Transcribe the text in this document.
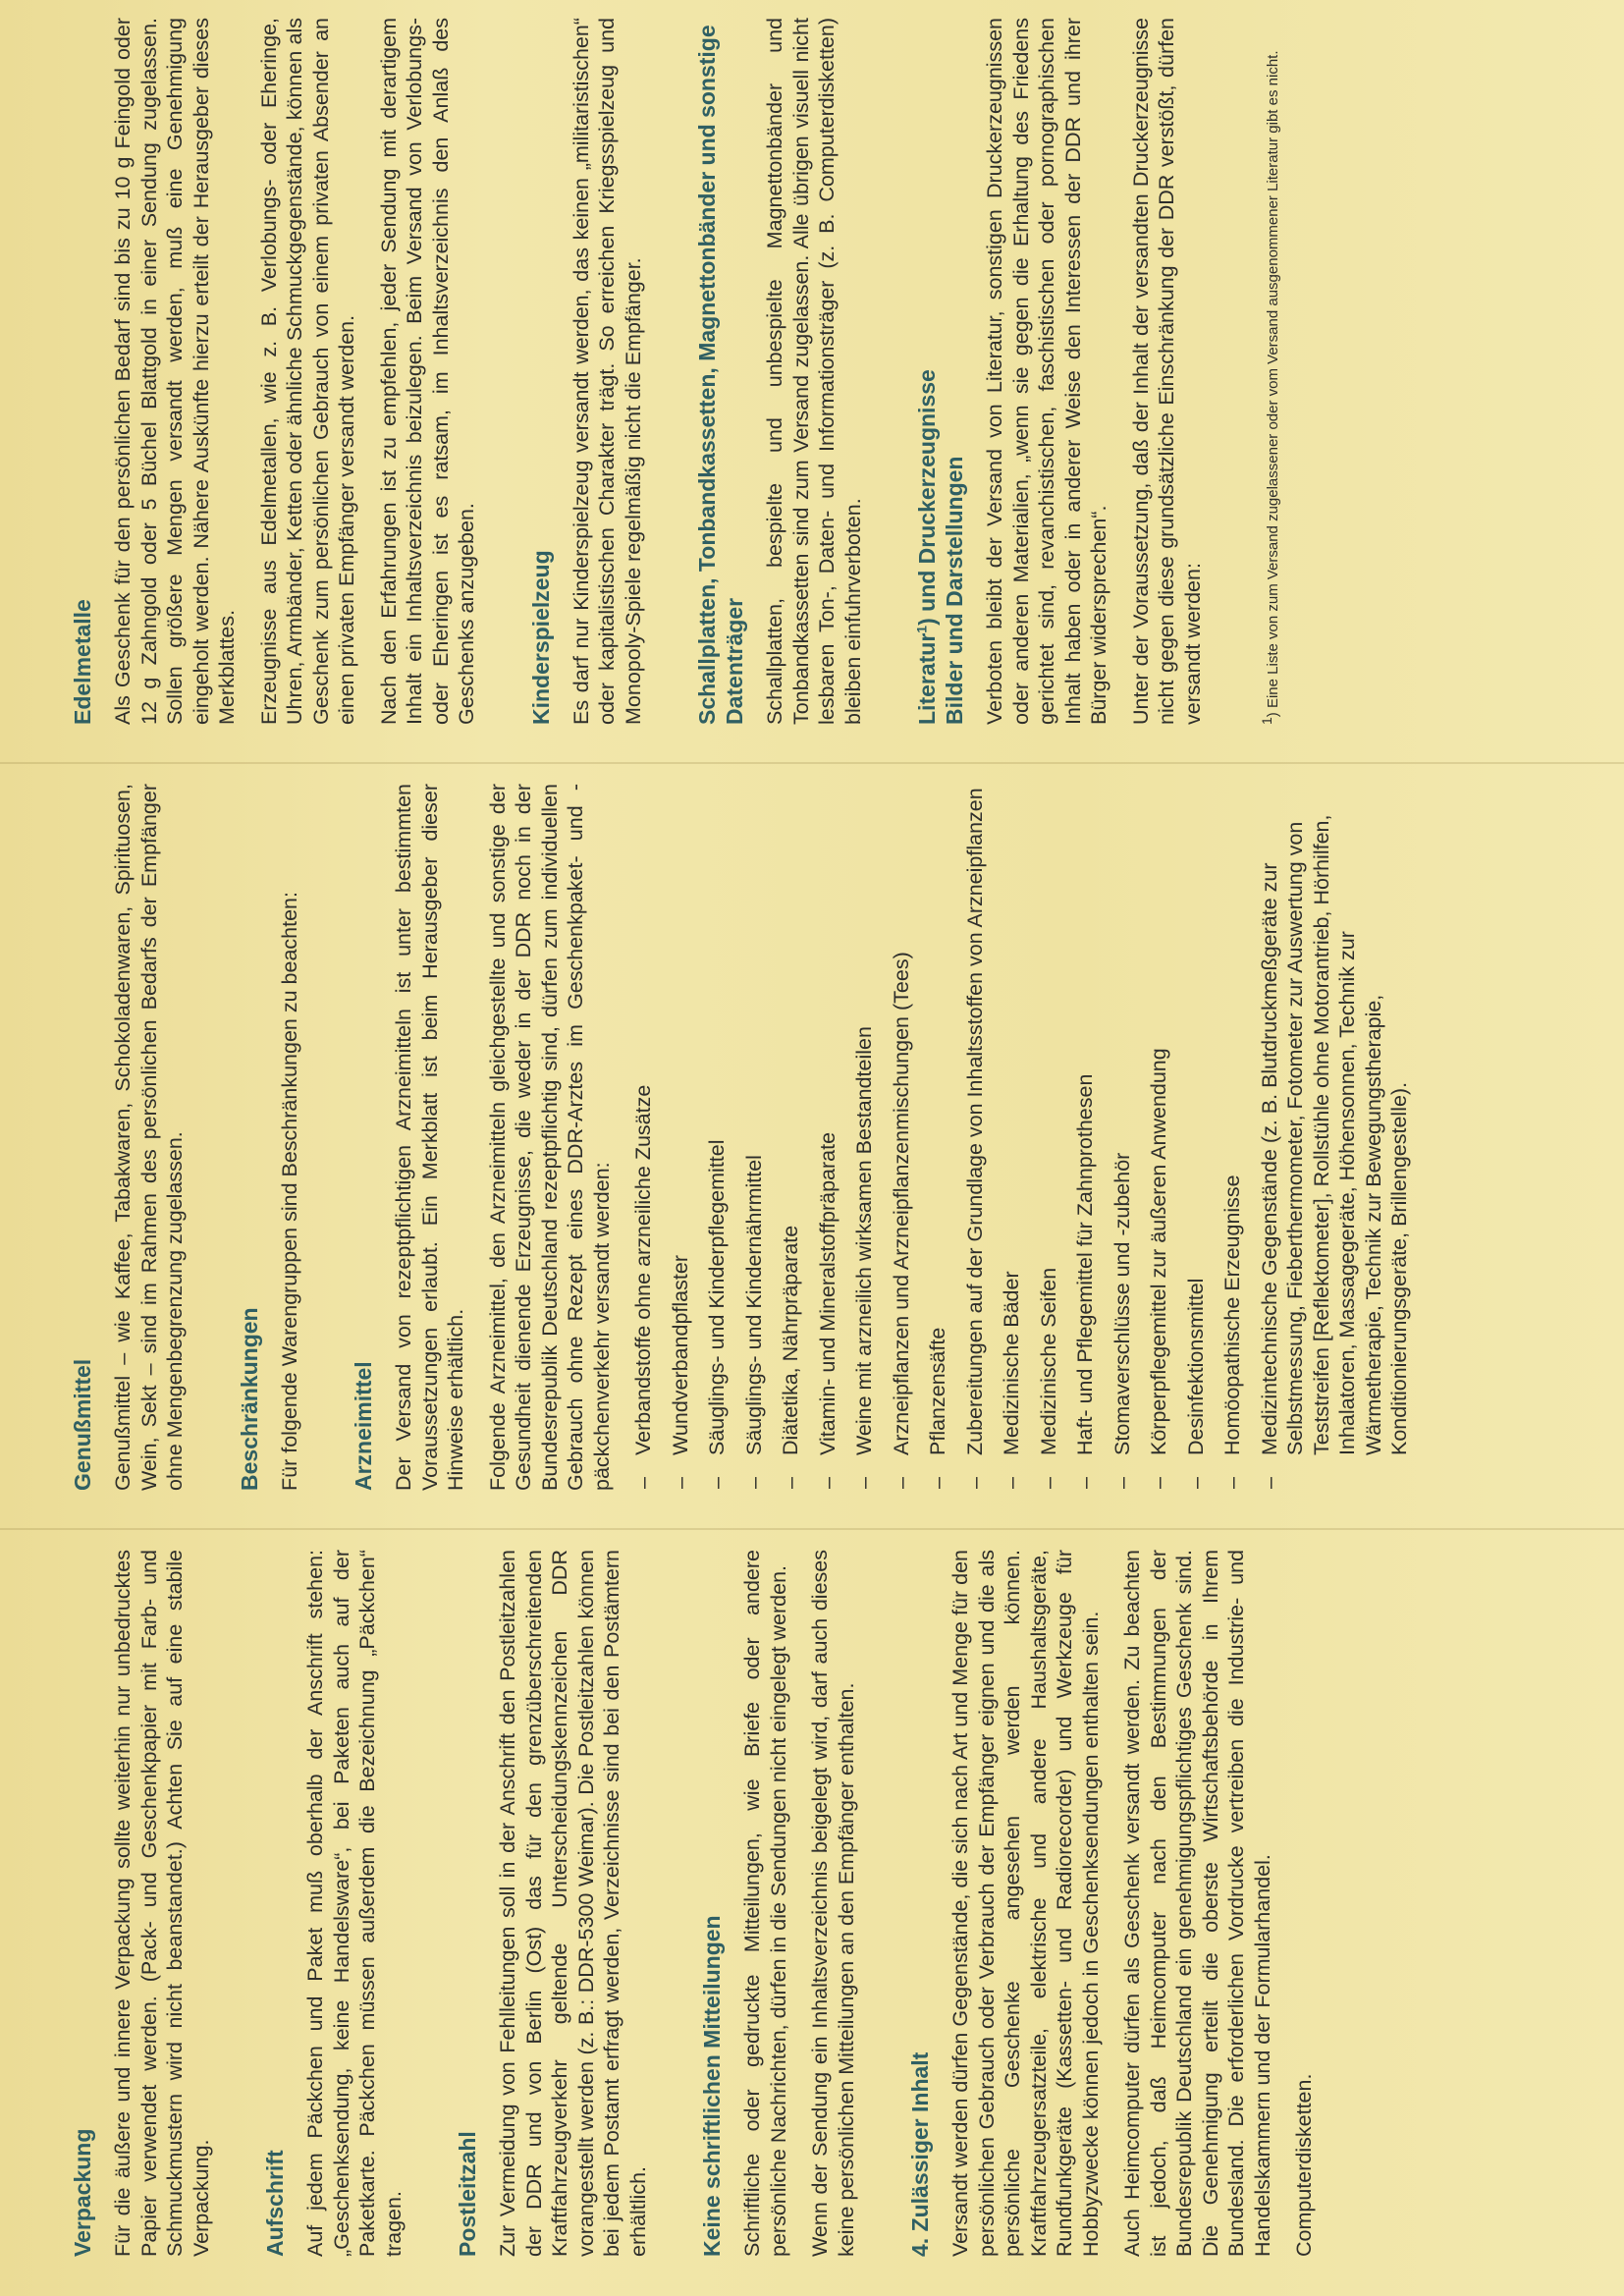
Verpackung Für die äußere und innere Verpackung sollte weiterhin nur unbedrucktes Papier verwendet werden. (Pack- und Geschenkpapier mit Farb- und Schmuckmustern wird nicht beanstandet.) Achten Sie auf eine stabile Verpackung. Aufschrift Auf jedem Päckchen und Paket muß oberhalb der Anschrift stehen: „Geschenksendung, keine Handelsware“, bei Paketen auch auf der Paketkarte. Päckchen müssen außerdem die Bezeichnung „Päckchen“ tragen. Postleitzahl Zur Vermeidung von Fehlleitungen soll in der Anschrift den Postleitzahlen der DDR und von Berlin (Ost) das für den grenzüberschreitenden Kraftfahrzeugverkehr geltende Unterscheidungskennzeichen DDR vorangestellt werden (z. B.: DDR-5300 Weimar). Die Postleitzahlen können bei jedem Postamt erfragt werden, Verzeichnisse sind bei den Postämtern erhältlich. Keine schriftlichen Mitteilungen Schriftliche oder gedruckte Mitteilungen, wie Briefe oder andere persönliche Nachrichten, dürfen in die Sendungen nicht eingelegt werden. Wenn der Sendung ein Inhaltsverzeichnis beigelegt wird, darf auch dieses keine persönlichen Mitteilungen an den Empfänger enthalten. 4. Zulässiger Inhalt Versandt werden dürfen Gegenstände, die sich nach Art und Menge für den persönlichen Gebrauch oder Verbrauch der Empfänger eignen und die als persönliche Geschenke angesehen werden können. Kraftfahrzeugersatzteile, elektrische und andere Haushaltsgeräte, Rundfunkgeräte (Kassetten- und Radiorecorder) und Werkzeuge für Hobbyzwecke können jedoch in Geschenksendungen enthalten sein. Auch Heimcomputer dürfen als Geschenk versandt werden. Zu beachten ist jedoch, daß Heimcomputer nach den Bestimmungen der Bundesrepublik Deutschland ein genehmigungspflichtiges Geschenk sind. Die Genehmigung erteilt die oberste Wirtschaftsbehörde in Ihrem Bundesland. Die erforderlichen Vordrucke vertreiben die Industrie- und Handelskammern und der Formularhandel. Computerdisketten.

Genußmittel Genußmittel – wie Kaffee, Tabakwaren, Schokoladenwaren, Spirituosen, Wein, Sekt – sind im Rahmen des persönlichen Bedarfs der Empfänger ohne Mengenbegrenzung zugelassen. Beschränkungen Für folgende Warengruppen sind Beschränkungen zu beachten: Arzneimittel Der Versand von rezeptpflichtigen Arzneimitteln ist unter bestimmten Voraussetzungen erlaubt. Ein Merkblatt ist beim Herausgeber dieser Hinweise erhältlich. Folgende Arzneimittel, den Arzneimitteln gleichgestellte und sonstige der Gesundheit dienende Erzeugnisse, die weder in der DDR noch in der Bundesrepublik Deutschland rezeptpflichtig sind, dürfen zum individuellen Gebrauch ohne Rezept eines DDR-Arztes im Geschenkpaket- und -päckchenverkehr versandt werden: – Verbandstoffe ohne arzneiliche Zusätze – Wundverbandpflaster – Säuglings- und Kinderpflegemittel – Säuglings- und Kindernährmittel – Diätetika, Nährpräparate – Vitamin- und Mineralstoffpräparate – Weine mit arzneilich wirksamen Bestandteilen – Arzneipflanzen und Arzneipflanzenmischungen (Tees) – Pflanzensäfte – Zubereitungen auf der Grundlage von Inhaltsstoffen von Arzneipflanzen – Medizinische Bäder – Medizinische Seifen – Haft- und Pflegemittel für Zahnprothesen – Stomaverschlüsse und -zubehör – Körperpflegemittel zur äußeren Anwendung – Desinfektionsmittel – Homöopathische Erzeugnisse – Medizintechnische Gegenstände (z. B. Blutdruckmeßgeräte zur Selbstmessung, Fieberthermometer, Fotometer zur Auswertung von Teststreifen [Reflektometer], Rollstühle ohne Motorantrieb, Hörhilfen, Inhalatoren, Massagegeräte, Höhensonnen, Technik zur Wärmetherapie, Technik zur Bewegungstherapie, Konditionierungsgeräte, Brillengestelle).
Edelmetalle Als Geschenk für den persönlichen Bedarf sind bis zu 10 g Feingold oder 12 g Zahngold oder 5 Büchel Blattgold in einer Sendung zugelassen. Sollen größere Mengen versandt werden, muß eine Genehmigung eingeholt werden. Nähere Auskünfte hierzu erteilt der Herausgeber dieses Merkblattes. Erzeugnisse aus Edelmetallen, wie z. B. Verlobungs- oder Eheringe, Uhren, Armbänder, Ketten oder ähnliche Schmuckgegenstände, können als Geschenk zum persönlichen Gebrauch von einem privaten Absender an einen privaten Empfänger versandt werden. Nach den Erfahrungen ist zu empfehlen, jeder Sendung mit derartigem Inhalt ein Inhaltsverzeichnis beizulegen. Beim Versand von Verlobungs- oder Eheringen ist es ratsam, im Inhaltsverzeichnis den Anlaß des Geschenks anzugeben. Kinderspielzeug Es darf nur Kinderspielzeug versandt werden, das keinen „militaristischen“ oder kapitalistischen Charakter trägt. So erreichen Kriegsspielzeug und Monopoly-Spiele regelmäßig nicht die Empfänger. Schallplatten, Tonbandkassetten, Magnettonbänder und sonstige Datenträger Schallplatten, bespielte und unbespielte Magnettonbänder und Tonbandkassetten sind zum Versand zugelassen. Alle übrigen visuell nicht lesbaren Ton-, Daten- und Informationsträger (z. B. Computerdisketten) bleiben einfuhrverboten. Literatur$^1$) und Druckerzeugnisse
Bilder und Darstellungen Verboten bleibt der Versand von Literatur, sonstigen Druckerzeugnissen oder anderen Materialien, „wenn sie gegen die Erhaltung des Friedens gerichtet sind, revanchistischen, faschistischen oder pornographischen Inhalt haben oder in anderer Weise den Interessen der DDR und ihrer Bürger widersprechen“. Unter der Voraussetzung, daß der Inhalt der versandten Druckerzeugnisse nicht gegen diese grundsätzliche Einschränkung der DDR verstößt, dürfen versandt werden:	$^1$) Eine Liste von zum Versand zugelassener oder vom Versand ausgenommener Literatur gibt es nicht.
